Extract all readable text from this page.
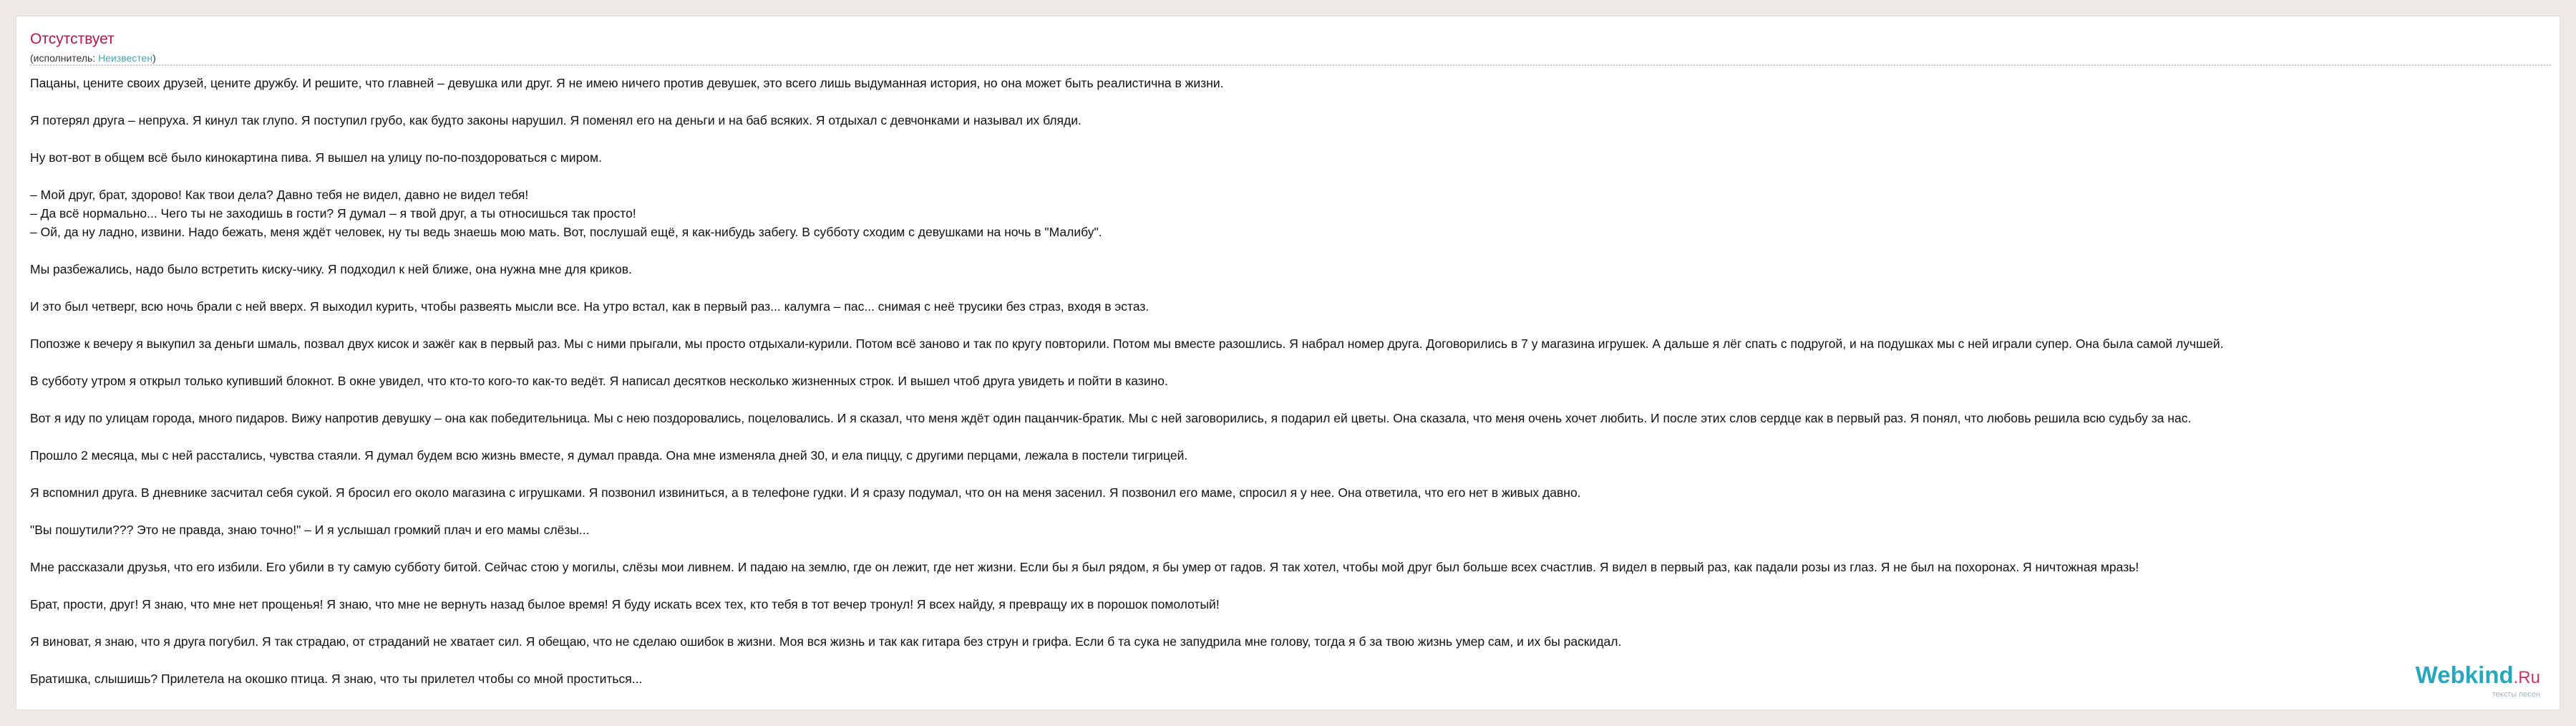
Отсутствует
(исполнитель: Неизвестен)

Пацаны, цените своих друзей, цените дружбу. И решите, что главней – девушка или друг. Я не имею ничего против девушек, это всего лишь выдуманная история, но она может быть реалистична в жизни.

Я потерял друга – непруха. Я кинул так глупо. Я поступил грубо, как будто законы нарушил. Я поменял его на деньги и на баб всяких. Я отдыхал с девчонками и называл их бляди.

Ну вот-вот в общем всё было кинокартина пива. Я вышел на улицу по-по-поздороваться с миром.

– Мой друг, брат, здорово! Как твои дела? Давно тебя не видел, давно не видел тебя!

– Да всё нормально... Чего ты не заходишь в гости? Я думал – я твой друг, а ты относишься так просто!

– Ой, да ну ладно, извини. Надо бежать, меня ждёт человек, ну ты ведь знаешь мою мать. Вот, послушай ещё, я как-нибудь забегу. В субботу сходим с девушками на ночь в "Малибу".

Мы разбежались, надо было встретить киску-чику. Я подходил к ней ближе, она нужна мне для криков.

И это был четверг, всю ночь брали с ней вверх. Я выходил курить, чтобы развеять мысли все. На утро встал, как в первый раз... калумга – пас... снимая с неё трусики без страз, входя в эстаз.

Попозже к вечеру я выкупил за деньги шмаль, позвал двух кисок и зажёг как в первый раз. Мы с ними прыгали, мы просто отдыхали-курили. Потом всё заново и так по кругу повторили. Потом мы вместе разошлись. Я набрал номер друга. Договорились в 7 у магазина игрушек. А дальше я лёг спать с подругой, и на подушках мы с ней играли супер. Она была самой лучшей.

В субботу утром я открыл только купивший блокнот. В окне увидел, что кто-то кого-то как-то ведёт. Я написал десятков несколько жизненных строк. И вышел чтоб друга увидеть и пойти в казино.

Вот я иду по улицам города, много пидаров. Вижу напротив девушку – она как победительница. Мы с нею поздоровались, поцеловались. И я сказал, что меня ждёт один пацанчик-братик. Мы с ней заговорились, я подарил ей цветы. Она сказала, что меня очень хочет любить. И после этих слов сердце как в первый раз. Я понял, что любовь решила всю судьбу за нас.

Прошло 2 месяца, мы с ней расстались, чувства стаяли. Я думал будем всю жизнь вместе, я думал правда. Она мне изменяла дней 30, и ела пиццу, с другими перцами, лежала в постели тигрицей.

Я вспомнил друга. В дневнике засчитал себя сукой. Я бросил его около магазина с игрушками. Я позвонил извиниться, а в телефоне гудки. И я сразу подумал, что он на меня засенил. Я позвонил его маме, спросил я у нее. Она ответила, что его нет в живых давно.

"Вы пошутили??? Это не правда, знаю точно!" – И я услышал громкий плач и его мамы слёзы...

Мне рассказали друзья, что его избили. Его убили в ту самую субботу битой. Сейчас стою у могилы, слёзы мои ливнем. И падаю на землю, где он лежит, где нет жизни. Если бы я был рядом, я бы умер от гадов. Я так хотел, чтобы мой друг был больше всех счастлив. Я видел в первый раз, как падали розы из глаз. Я не был на похоронах. Я ничтожная мразь!

Брат, прости, друг! Я знаю, что мне нет прощенья! Я знаю, что мне не вернуть назад былое время! Я буду искать всех тех, кто тебя в тот вечер тронул! Я всех найду, я превращу их в порошок помолотый!

Я виноват, я знаю, что я друга погубил. Я так страдаю, от страданий не хватает сил. Я обещаю, что не сделаю ошибок в жизни. Моя вся жизнь и так как гитара без струн и грифа. Если б та сука не запудрила мне голову, тогда я б за твою жизнь умер сам, и их бы раскидал.

Братишка, слышишь? Прилетела на окошко птица. Я знаю, что ты прилетел чтобы со мной проститься...	Webkind.Ru
тексты песен
